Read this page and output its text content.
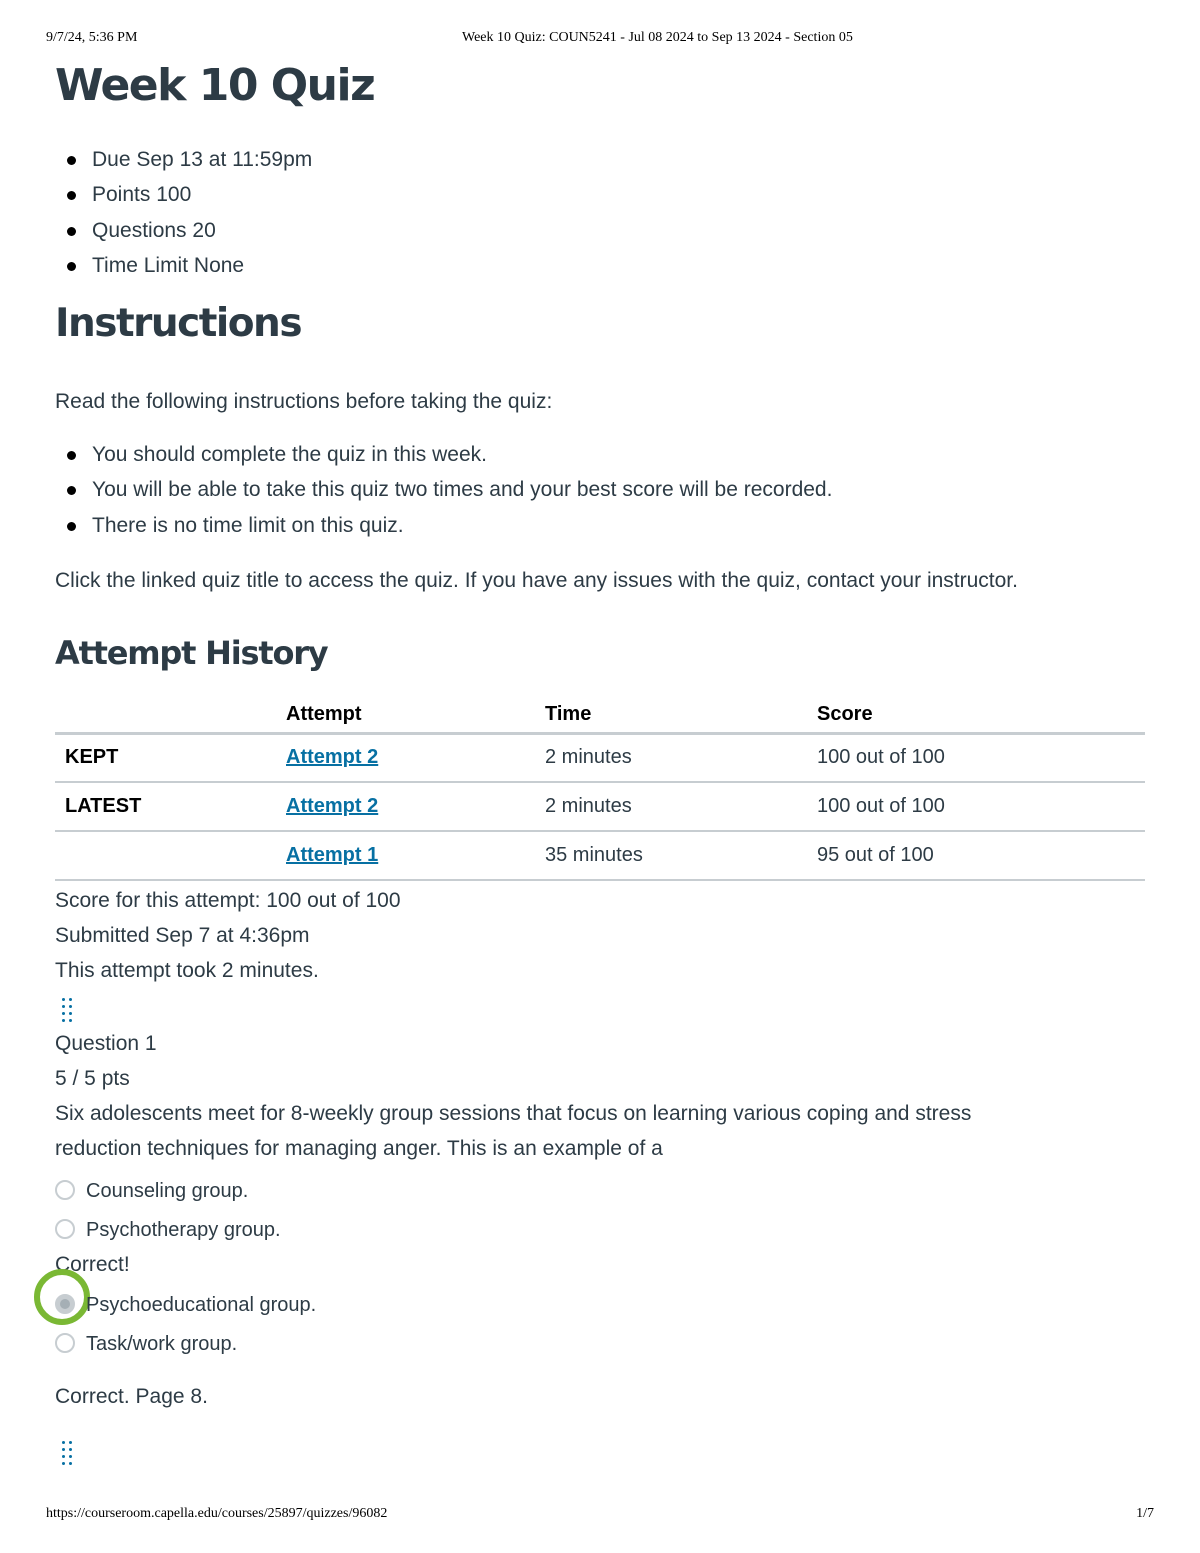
9/7/24, 5:36 PM	Week 10 Quiz: COUN5241 - Jul 08 2024 to Sep 13 2024 - Section 05
Week 10 Quiz
Due Sep 13 at 11:59pm
Points 100
Questions 20
Time Limit None
Instructions
Read the following instructions before taking the quiz:
You should complete the quiz in this week.
You will be able to take this quiz two times and your best score will be recorded.
There is no time limit on this quiz.
Click the linked quiz title to access the quiz. If you have any issues with the quiz, contact your instructor.
Attempt History
	Attempt	Time	Score
KEPT	Attempt 2	2 minutes	100 out of 100
LATEST	Attempt 2	2 minutes	100 out of 100
	Attempt 1	35 minutes	95 out of 100
Score for this attempt: 100 out of 100
Submitted Sep 7 at 4:36pm
This attempt took 2 minutes.
Question 1
5 / 5 pts
Six adolescents meet for 8-weekly group sessions that focus on learning various coping and stress
reduction techniques for managing anger. This is an example of a
Counseling group.
Psychotherapy group.
Correct!
Psychoeducational group.
Task/work group.
Correct. Page 8.
https://courseroom.capella.edu/courses/25897/quizzes/96082	1/7
